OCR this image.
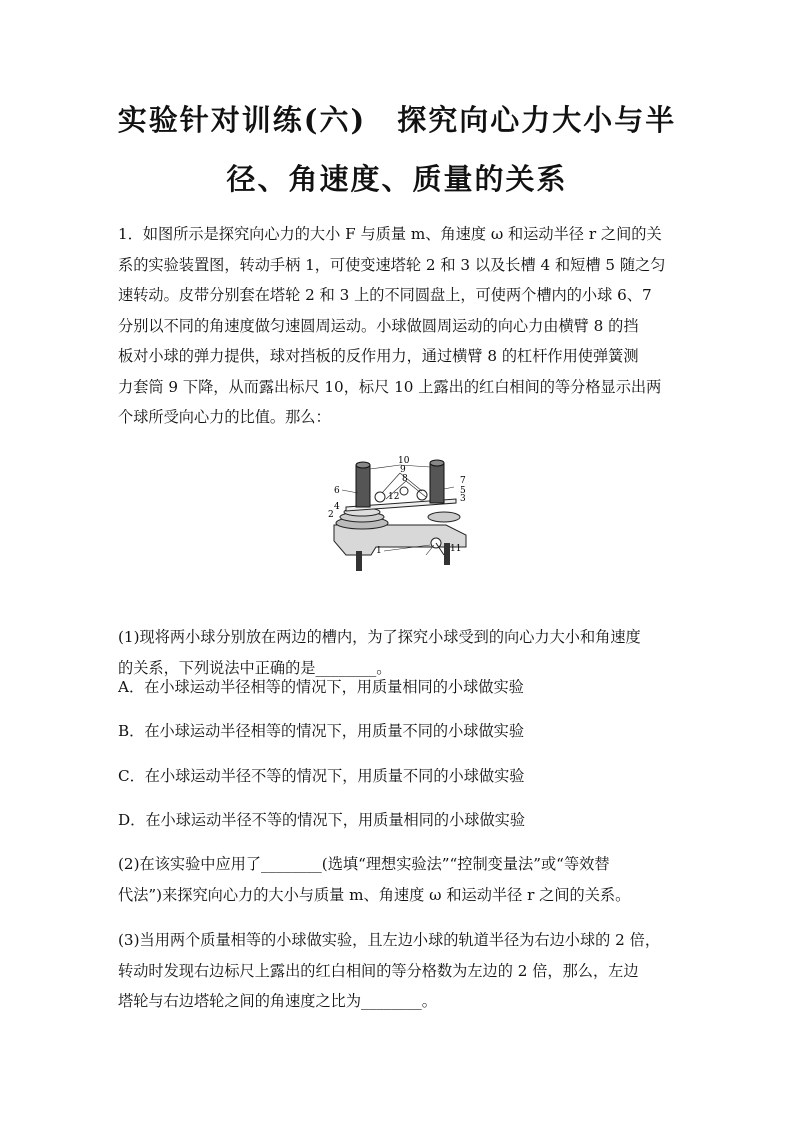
实验针对训练(六)　探究向心力大小与半
径、角速度、质量的关系
1．如图所示是探究向心力的大小 F 与质量 m、角速度 ω 和运动半径 r 之间的关
系的实验装置图，转动手柄 1，可使变速塔轮 2 和 3 以及长槽 4 和短槽 5 随之匀
速转动。皮带分别套在塔轮 2 和 3 上的不同圆盘上，可使两个槽内的小球 6、7
分别以不同的角速度做匀速圆周运动。小球做圆周运动的向心力由横臂 8 的挡
板对小球的弹力提供，球对挡板的反作用力，通过横臂 8 的杠杆作用使弹簧测
力套筒 9 下降，从而露出标尺 10，标尺 10 上露出的红白相间的等分格显示出两
个球所受向心力的比值。那么：
10
9
8
12
6
7
5
4
2
3
1	11
(1)现将两小球分别放在两边的槽内，为了探究小球受到的向心力大小和角速度
的关系，下列说法中正确的是________。
A．在小球运动半径相等的情况下，用质量相同的小球做实验
B．在小球运动半径相等的情况下，用质量不同的小球做实验
C．在小球运动半径不等的情况下，用质量不同的小球做实验
D．在小球运动半径不等的情况下，用质量相同的小球做实验
(2)在该实验中应用了________(选填“理想实验法”“控制变量法”或“等效替
代法”)来探究向心力的大小与质量 m、角速度 ω 和运动半径 r 之间的关系。
(3)当用两个质量相等的小球做实验，且左边小球的轨道半径为右边小球的 2 倍，
转动时发现右边标尺上露出的红白相间的等分格数为左边的 2 倍，那么，左边
塔轮与右边塔轮之间的角速度之比为________。
